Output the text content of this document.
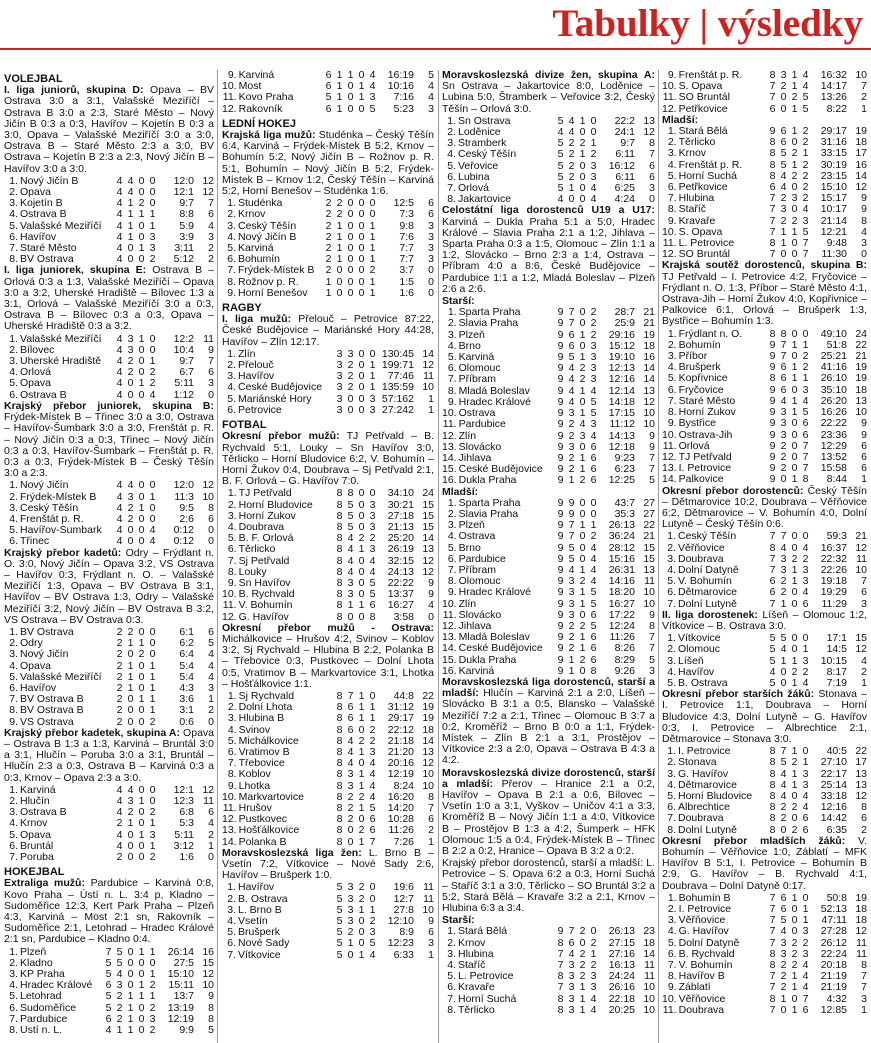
Tabulky | výsledky
VOLEJBAL

I. liga juniorů, skupina D: Opava – BV Ostrava 3:0 a 3:1, Valašské Meziříčí – Ostrava B 3:0 a 2:3, Staré Město – Nový Jičín B 0:3 a 0:3, Havířov – Kojetín B 0:3 a 3:0, Opava – Valašské Meziříčí 3:0 a 3:0, Ostrava B – Staré Město 2:3 a 3:0, BV Ostrava – Kojetín B 2:3 a 2:3, Nový Jičín B – Havířov 3:0 a 3:0.

1.	Nový Jičín B	4	4	0	0	12:0	12
2.	Opava	4	4	0	0	12:1	12
3.	Kojetín B	4	1	2	0	9:7	7
4.	Ostrava B	4	1	1	1	8:8	6
5.	Valašské Meziříčí	4	1	0	1	5:9	4
6.	Havířov	4	1	0	3	3:9	3
7.	Staré Město	4	0	1	3	3:11	2
8.	BV Ostrava	4	0	0	2	5:12	2

I. liga juniorek, skupina E: Ostrava B – Orlová 0:3 a 1:3, Valašské Meziříčí – Opava 3:0 a 3:2, Uherské Hradiště – Bílovec 1:3 a 3:1, Orlová – Valašské Meziříčí 3:0 a 0:3, Ostrava B – Bílovec 0:3 a 0:3, Opava – Uherské Hradiště 0:3 a 3:2.

1.	Valašské Meziříčí	4	3	1	0	12:2	11
2.	Bílovec	4	3	0	0	10:4	9
3.	Uherské Hradiště	4	2	0	1	9:7	7
4.	Orlová	4	2	0	2	6:7	6
5.	Opava	4	0	1	2	5:11	3
6.	Ostrava B	4	0	0	4	1:12	0

Krajský přebor juniorek, skupina B: Frýdek-Místek B – Třinec 3:0 a 3:0, Ostrava – Havířov-Šumbark 3:0 a 3:0, Frenštát p. R. – Nový Jičín 0:3 a 0:3, Třinec – Nový Jičín 0:3 a 0:3, Havířov-Šumbark – Frenštát p. R. 0:3 a 0:3, Frýdek-Místek B – Český Těšín 3:0 a 2:3.

1.	Nový Jičín	4	4	0	0	12:0	12
2.	Frýdek-Místek B	4	3	0	1	11:3	10
3.	Český Těšín	4	2	1	0	9:5	8
4.	Frenštát p. R.	4	2	0	0	2:6	6
5.	Havířov-Šumbark	4	0	0	4	0:12	0
6.	Třinec	4	0	0	4	0:12	0

Krajský přebor kadetů: Odry – Frýdlant n. O. 3:0, Nový Jičín – Opava 3:2, VS Ostrava – Havířov 0:3, Frýdlant n. O. – Valašské Meziříčí 1:3, Opava – BV Ostrava B 3:1, Havířov – BV Ostrava 1:3, Odry – Valašské Meziříčí 3:2, Nový Jičín – BV Ostrava B 3:2, VS Ostrava – BV Ostrava 0:3.

1.	BV Ostrava	2	2	0	0	6:1	6
2.	Odry	2	1	1	0	6:2	5
3.	Nový Jičín	2	0	2	0	6:4	4
4.	Opava	2	1	0	1	5:4	4
5.	Valašské Meziříčí	2	1	0	1	5:4	4
6.	Havířov	2	1	0	1	4:3	3
7.	BV Ostrava B	2	0	1	1	3:6	1
8.	BV Ostrava B	2	0	0	1	3:1	2
9.	VS Ostrava	2	0	0	2	0:6	0

Krajský přebor kadetek, skupina A: Opava – Ostrava B 1:3 a 1:3, Karviná – Bruntál 3:0 a 3:1, Hlučín – Poruba 3:0 a 3:1, Bruntál – Hlučín 2:3 a 0:3, Ostrava B – Karviná 0:3 a 0:3, Krnov – Opava 2:3 a 3:0.

1.	Karviná	4	4	0	0	12:1	12
2.	Hlučín	4	3	1	0	12:3	11
3.	Ostrava B	4	2	0	2	6:8	6
4.	Krnov	2	1	0	1	5:3	4
5.	Opava	4	0	1	3	5:11	2
6.	Bruntál	4	0	0	1	3:12	1
7.	Poruba	2	0	0	2	1:6	0
HOKEJBAL

Extraliga mužů: Pardubice – Karviná 0:8, Kovo Praha – Ústí n. L. 3:4 p, Kladno – Sudoměřice 12:3, Kert Park Praha – Plzeň 4:3, Karviná – Most 2:1 sn, Rakovník – Sudoměřice 2:1, Letohrad – Hradec Králové 2:1 sn, Pardubice – Kladno 0:4.

1.	Plzeň	7	5	0	1	1	26:14	16
2.	Kladno	5	5	0	0	0	27:5	15
3.	KP Praha	5	4	0	0	1	15:10	12
4.	Hradec Králové	6	3	0	1	2	15:11	10
5.	Letohrad	5	2	1	1	1	13:7	9
6.	Sudoměřice	5	2	1	0	2	13:19	8
7.	Pardubice	6	2	1	0	3	12:19	8
8.	Ústí n. L.	4	1	1	0	2	9:9	5
9.	Karviná	6	1	1	0	4	16:19	5
10.	Most	6	1	0	1	4	10:16	4
11.	Kovo Praha	5	1	0	1	3	7:16	4
12.	Rakovník	6	1	0	0	5	5:23	3
LEDNÍ HOKEJ

Krajská liga mužů: Studénka – Český Těšín 6:4, Karviná – Frýdek-Místek B 5:2, Krnov – Bohumín 5:2, Nový Jičín B – Rožnov p. R. 5:1, Bohumín – Nový Jičín B 5:2, Frýdek-Místek B – Krnov 1:2, Český Těšín – Karviná 5:2, Horní Benešov – Studénka 1:6.

1.	Studénka	2	2	0	0	0	12:5	6
2.	Krnov	2	2	0	0	0	7:3	6
3.	Český Těšín	2	1	0	0	1	9:8	3
4.	Nový Jičín B	2	1	0	0	1	7:6	3
5.	Karviná	2	1	0	0	1	7:7	3
6.	Bohumín	2	1	0	0	1	7:7	3
7.	Frýdek-Místek B	2	0	0	0	2	3:7	0
8.	Rožnov p. R.	1	0	0	0	1	1:5	0
9.	Horní Benešov	1	0	0	0	1	1:6	0
RAGBY

I. liga mužů: Přelouč – Petrovice 87:22, České Budějovice – Mariánské Hory 44:28, Havířov – Zlín 12:17.

1.	Zlín	3	3	0	0	130:45	14
2.	Přelouč	3	2	0	1	199:71	12
3.	Havířov	3	2	0	1	77:46	11
4.	České Budějovice	3	2	0	1	135:59	10
5.	Mariánské Hory	3	0	0	3	57:162	1
6.	Petrovice	3	0	0	3	27:242	1
FOTBAL

Okresní přebor mužů: TJ Petřvald – B. Rychvald 5:1, Louky – Sn Havířov 3:0, Těrlicko – Horní Bludovice 6:2, V. Bohumín – Horní Žukov 0:4, Doubrava – Sj Petřvald 2:1, B. F. Orlová – G. Havířov 7:0.

1.	TJ Petřvald	8	8	0	0	34:10	24
2.	Horní Bludovice	8	5	0	3	30:21	15
3.	Horní Žukov	8	5	0	3	27:18	15
4.	Doubrava	8	5	0	3	21:13	15
5.	B. F. Orlová	8	4	2	2	25:20	14
6.	Těrlicko	8	4	1	3	26:19	13
7.	Sj Petřvald	8	4	0	4	32:15	12
8.	Louky	8	4	0	4	24:13	12
9.	Sn Havířov	8	3	0	5	22:22	9
10.	B. Rychvald	8	3	0	5	13:37	9
11.	V. Bohumín	8	1	1	6	16:27	4
12.	G. Havířov	8	0	0	8	3:58	0

Okresní přebor mužů - Ostrava: Michálkovice – Hrušov 4:2, Svinov – Koblov 3:2, Sj Rychvald – Hlubina B 2:2, Polanka B – Třebovice 0:3, Pustkovec – Dolní Lhota 0:5, Vratimov B – Markvartovice 3:1, Lhotka – Hošťálkovice 1:1.

1.	Sj Rychvald	8	7	1	0	44:8	22
2.	Dolní Lhota	8	6	1	1	31:12	19
3.	Hlubina B	8	6	1	1	29:17	19
4.	Svinov	8	6	0	2	22:12	18
5.	Michálkovice	8	4	2	2	21:18	14
6.	Vratimov B	8	4	1	3	21:20	13
7.	Třebovice	8	4	0	4	20:16	12
8.	Koblov	8	3	1	4	12:19	10
9.	Lhotka	8	3	1	4	8:24	10
10.	Markvartovice	8	2	2	4	16:20	8
11.	Hrušov	8	2	1	5	14:20	7
12.	Pustkovec	8	2	0	6	10:28	6
13.	Hošťálkovice	8	0	2	6	11:26	2
14.	Polanka B	8	0	1	7	7:26	1

Moravskoslezská liga žen: L. Brno B – Vsetín 7:2, Vítkovice – Nové Sady 2:6, Havířov – Brušperk 1:0.

1.	Havířov	5	3	2	0	19:6	11
2.	B. Ostrava	5	3	2	0	12:7	11
3.	L. Brno B	5	3	1	1	27:8	10
4.	Vsetín	5	3	0	2	12:10	9
5.	Brušperk	5	2	0	3	8:9	6
6.	Nové Sady	5	1	0	5	12:23	3
7.	Vítkovice	5	0	1	4	6:33	1

Moravskoslezská divize žen, skupina A: Sn Ostrava – Jakartovice 8:0, Loděnice – Lubina 5:0, Štramberk – Veřovice 3:2, Český Těšín – Orlová 3:0.

1.	Sn Ostrava	5	4	1	0	22:2	13
2.	Loděnice	4	4	0	0	24:1	12
3.	Štramberk	5	2	2	1	9:7	8
4.	Český Těšín	5	2	1	2	6:11	7
5.	Veřovice	5	2	0	3	16:12	6
6.	Lubina	5	2	0	3	6:11	6
7.	Orlová	5	1	0	4	6:25	3
8.	Jakartovice	4	0	0	4	4:24	0

Celostátní liga dorostenců U19 a U17: Karviná – Dukla Praha 5:1 a 5:0, Hradec Králové – Slavia Praha 2:1 a 1:2, Jihlava – Sparta Praha 0:3 a 1:5, Olomouc – Zlín 1:1 a 1:2, Slovácko – Brno 2:3 a 1:4, Ostrava – Příbram 4:0 a 8:6, České Budějovice – Pardubice 1:1 a 1:2, Mladá Boleslav – Plzeň 2:6 a 2:6.

Starší:
1.	Sparta Praha	9	7	0	2	28:7	21
2.	Slavia Praha	9	7	0	2	25:9	21
3.	Plzeň	9	6	1	2	29:16	19
4.	Brno	9	6	0	3	15:12	18
5.	Karviná	9	5	1	3	19:10	16
6.	Olomouc	9	4	2	3	12:13	14
7.	Příbram	9	4	2	3	12:16	14
8.	Mladá Boleslav	9	4	1	4	12:14	13
9.	Hradec Králové	9	4	0	5	14:18	12
10.	Ostrava	9	3	1	5	17:15	10
11.	Pardubice	9	2	4	3	11:12	10
12.	Zlín	9	2	3	4	14:13	9
13.	Slovácko	9	3	0	6	12:18	9
14.	Jihlava	9	2	1	6	9:23	7
15.	České Budějovice	9	2	1	6	6:23	7
16.	Dukla Praha	9	1	2	6	12:25	5
Mladší:
1.	Sparta Praha	9	9	0	0	43:7	27
2.	Slavia Praha	9	9	0	0	35:3	27
3.	Plzeň	9	7	1	1	26:13	22
4.	Ostrava	9	7	0	2	36:24	21
5.	Brno	9	5	0	4	28:12	15
6.	Pardubice	9	5	0	4	15:16	15
7.	Příbram	9	4	1	4	26:31	13
8.	Olomouc	9	3	2	4	14:16	11
9.	Hradec Králové	9	3	1	5	18:20	10
10.	Zlín	9	3	1	5	16:27	10
11.	Slovácko	9	3	0	6	17:22	9
12.	Jihlava	9	2	2	5	12:24	8
13.	Mladá Boleslav	9	2	1	6	11:26	7
14.	České Budějovice	9	2	1	6	8:26	7
15.	Dukla Praha	9	1	2	6	8:29	5
16.	Karviná	9	1	0	8	9:26	3

Moravskoslezská liga dorostenců, starší a mladší: Hlučín – Karviná 2:1 a 2:0, Líšeň – Slovácko B 3:1 a 0:5, Blansko – Valašské Meziříčí 7:2 a 2:1, Třinec – Olomouc B 3:7 a 0:2, Kroměříž – Brno B 0:0 a 1:1, Frýdek-Místek – Zlín B 2:1 a 3:1, Prostějov – Vítkovice 2:3 a 2:0, Opava – Ostrava B 4:3 a 4:2.

Moravskoslezská divize dorostenců, starší a mladší: Přerov – Hranice 2:1 a 0:2, Havířov – Opava B 2:1 a 0:6, Bílovec – Vsetín 1:0 a 3:1, Vyškov – Uničov 4:1 a 3:3, Kroměříž B – Nový Jičín 1:1 a 4:0, Vítkovice B – Prostějov B 1:3 a 4:2, Šumperk – HFK Olomouc 1:5 a 0:4, Frýdek-Místek B – Třinec B 2:2 a 0:2, Hranice – Opava B 3:2 a 0:2.

Krajský přebor dorostenců, starší a mladší: L. Petrovice – S. Opava 6:2 a 0:3, Horní Suchá – Staříč 3:1 a 3:0, Těrlicko – SO Bruntál 3:2 a 5:2, Stará Bělá – Kravaře 3:2 a 2:1, Krnov – Hlubina 6:3 a 3:4.

Starší:
1.	Stará Bělá	9	7	2	0	26:13	23
2.	Krnov	8	6	0	2	27:15	18
3.	Hlubina	7	4	2	1	27:16	14
4.	Staříč	7	3	2	2	16:13	11
5.	L. Petrovice	8	3	2	3	24:24	11
6.	Kravaře	7	3	1	3	26:16	10
7.	Horní Suchá	8	3	1	4	22:18	10
8.	Těrlicko	8	3	1	4	20:25	10
9.	Frenštát p. R.	8	3	1	4	16:32	10
10.	S. Opava	7	2	1	4	14:17	7
11.	SO Bruntál	7	0	2	5	13:26	2
12.	Petřkovice	6	0	1	5	8:22	1
Mladší:
1.	Stará Bělá	9	6	1	2	29:17	19
2.	Těrlicko	8	6	0	2	31:16	18
3.	Krnov	8	5	2	1	33:15	17
4.	Frenštát p. R.	8	5	1	2	30:19	16
5.	Horní Suchá	8	4	2	2	23:15	14
6.	Petřkovice	6	4	0	2	15:10	12
7.	Hlubina	7	2	3	2	15:17	9
8.	Staříč	7	3	0	4	10:17	9
9.	Kravaře	7	2	2	3	21:14	8
10.	S. Opava	7	1	1	5	12:21	4
11.	L. Petrovice	8	1	0	7	9:48	3
12.	SO Bruntál	7	0	0	7	11:30	0

Krajská soutěž dorostenců, skupina B: TJ Petřvald – I. Petrovice 4:2, Fryčovice – Frýdlant n. O. 1:3, Příbor – Staré Město 4:1, Ostrava-Jih – Horní Žukov 4:0, Kopřivnice – Palkovice 6:1, Orlová – Brušperk 1:3, Bystřice – Bohumín 1:3.

1.	Frýdlant n. O.	8	8	0	0	49:10	24
2.	Bohumín	9	7	1	1	51:8	22
3.	Příbor	9	7	0	2	25:21	21
4.	Brušperk	9	6	1	2	41:16	19
5.	Kopřivnice	8	6	1	1	26:10	19
6.	Fryčovice	9	6	0	3	35:10	18
7.	Staré Město	9	4	1	4	26:20	13
8.	Horní Žukov	9	3	1	5	16:26	10
9.	Bystřice	9	3	0	6	22:22	9
10.	Ostrava-Jih	9	3	0	6	23:36	9
11.	Orlová	9	2	0	7	12:29	6
12.	TJ Petřvald	9	2	0	7	13:52	6
13.	I. Petrovice	9	2	0	7	15:58	6
14.	Palkovice	9	0	1	8	8:44	1

Okresní přebor dorostenců: Český Těšín – Dětmarovice 10:2, Doubrava – Věřňovice 6:2, Dětmarovice – V. Bohumín 4:0, Dolní Lutyně – Český Těšín 0:6.

1.	Český Těšín	7	7	0	0	59:3	21
2.	Věřňovice	8	4	0	4	16:37	12
3.	Doubrava	7	3	2	2	22:32	11
4.	Dolní Datyně	7	3	1	3	22:26	10
5.	V. Bohumín	6	2	1	3	19:18	7
6.	Dětmarovice	6	2	0	4	19:29	6
7.	Dolní Lutyně	7	1	0	6	11:29	3

II. liga dorostenek: Líšeň – Olomouc 1:2, Vítkovice – B. Ostrava 3:0.

1.	Vítkovice	5	5	0	0	17:1	15
2.	Olomouc	5	4	0	1	14:5	12
3.	Líšeň	5	1	1	3	10:15	4
4.	Havířov	4	0	2	2	8:17	2
5.	B. Ostrava	5	0	1	4	7:19	1

Okresní přebor starších žáků: Stonava – I. Petrovice 1:1, Doubrava – Horní Bludovice 4:3, Dolní Lutyně – G. Havířov 0:3, I. Petrovice – Albrechtice 2:1, Dětmarovice – Stonava 3:0.

1.	I. Petrovice	8	7	1	0	40:5	22
2.	Stonava	8	5	2	1	27:10	17
3.	G. Havířov	8	4	1	3	22:17	13
4.	Dětmarovice	8	4	1	3	25:14	13
5.	Horní Bludovice	8	4	0	4	33:18	12
6.	Albrechtice	8	2	2	4	12:16	8
7.	Doubrava	8	2	0	6	14:42	6
8.	Dolní Lutyně	8	0	2	6	6:35	2

Okresní přebor mladších žáků: V. Bohumín – Věřňovice 1:0, Záblatí – MFK Havířov B 5:1, I. Petrovice – Bohumín B 2:9, G. Havířov – B. Rychvald 4:1, Doubrava – Dolní Datyně 0:17.

1.	Bohumín B	7	6	1	0	50:8	19
2.	I. Petrovice	7	6	0	1	52:13	18
3.	Věřňovice	7	5	0	1	47:11	18
4.	G. Havířov	7	4	0	3	27:28	12
5.	Dolní Datyně	7	3	2	2	26:12	11
6.	B. Rychvald	8	3	2	3	22:24	11
7.	V. Bohumín	8	2	2	4	20:18	8
8.	Havířov B	7	2	1	4	21:19	7
9.	Záblatí	7	2	1	4	21:19	7
10.	Věřňovice	8	1	0	7	4:32	3
11.	Doubrava	7	0	1	6	12:85	1
